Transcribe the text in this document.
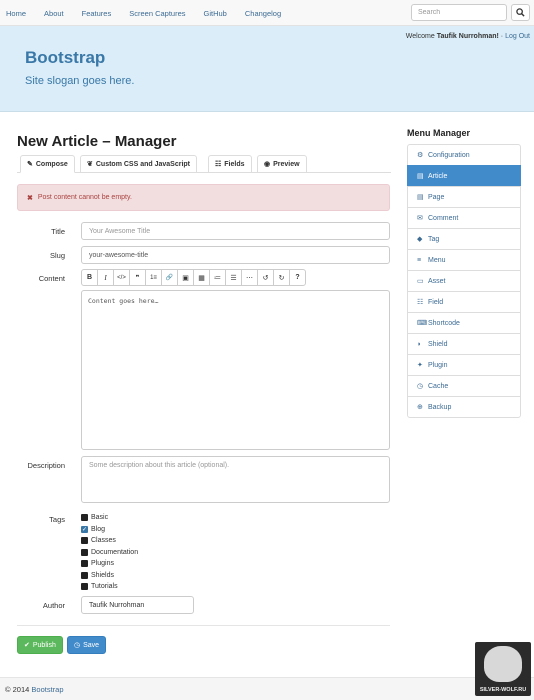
Home About Features Screen Captures GitHub Changelog
Search
Welcome Taufik Nurrohman! · Log Out
Bootstrap
Site slogan goes here.
New Article – Manager
✎ Compose	❦ Custom CSS and JavaScript	☷ Fields	◉ Preview
✖ Post content cannot be empty.
Title	Your Awesome Title
Slug	your-awesome-title
Content	B	I	</>	❞	1≡	🔗	▣	▦	≔	☰	⋯	↺	↻	?
Content goes here…
Description	Some description about this article (optional).
Tags	Basic
✓ Blog
Classes
Documentation
Plugins
Shields
Tutorials
Author	Taufik Nurrohman
✔ Publish	◷ Save
Menu Manager
⚙ Configuration
▤ Article
▤ Page
✉ Comment
◆ Tag
≡ Menu
▭ Asset
☷ Field
⌨ Shortcode
◗ Shield
✦ Plugin
◷ Cache
⊕ Backup
© 2014 Bootstrap	SILVER-WOLF.RU
